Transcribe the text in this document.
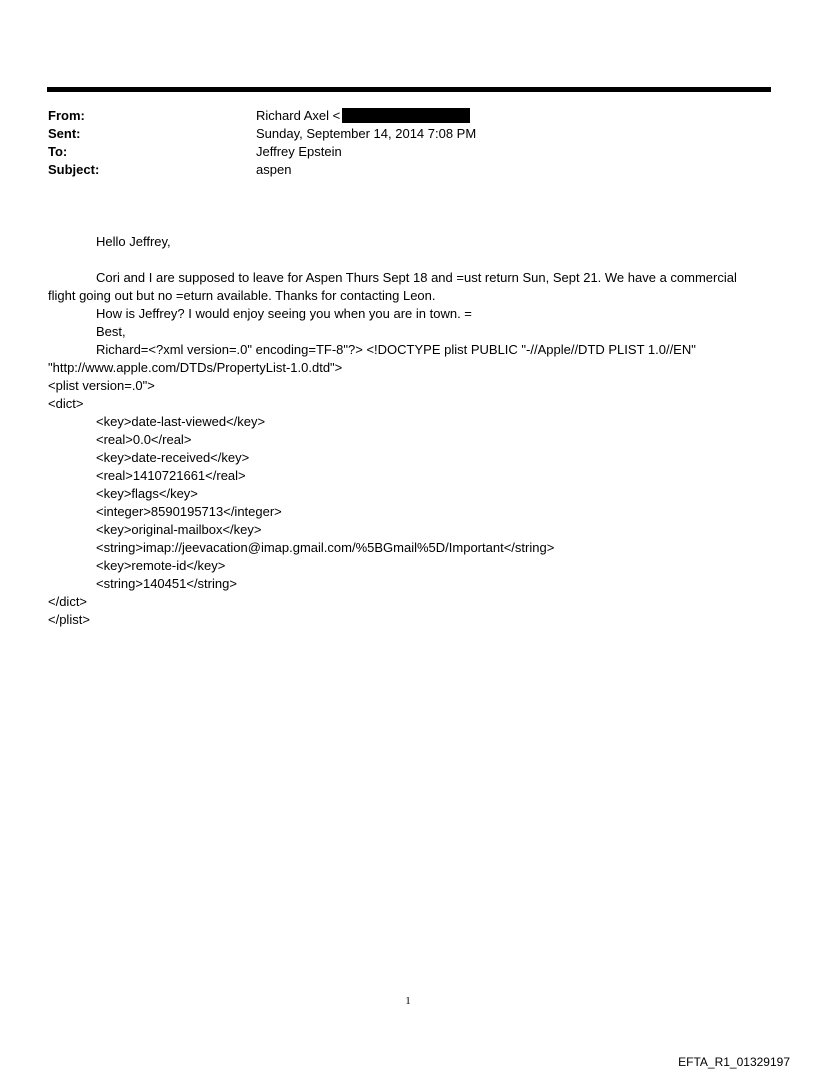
From:	Richard Axel <
Sent:	Sunday, September 14, 2014 7:08 PM
To:	Jeffrey Epstein
Subject:	aspen
Hello Jeffrey,
Cori and I are supposed to leave for Aspen Thurs Sept 18 and =ust return Sun, Sept 21. We have a commercial
flight going out but no =eturn available. Thanks for contacting Leon.
How is Jeffrey? I would enjoy seeing you when you are in town. =
Best,
Richard=<?xml version=.0" encoding=TF-8"?> <!DOCTYPE plist PUBLIC "-//Apple//DTD PLIST 1.0//EN"
"http://www.apple.com/DTDs/PropertyList-1.0.dtd">
<plist version=.0">
<dict>
<key>date-last-viewed</key>
<real>0.0</real>
<key>date-received</key>
<real>1410721661</real>
<key>flags</key>
<integer>8590195713</integer>
<key>original-mailbox</key>
<string>imap://jeevacation@imap.gmail.com/%5BGmail%5D/Important</string>
<key>remote-id</key>
<string>140451</string>
</dict>
</plist>
1
EFTA_R1_01329197
